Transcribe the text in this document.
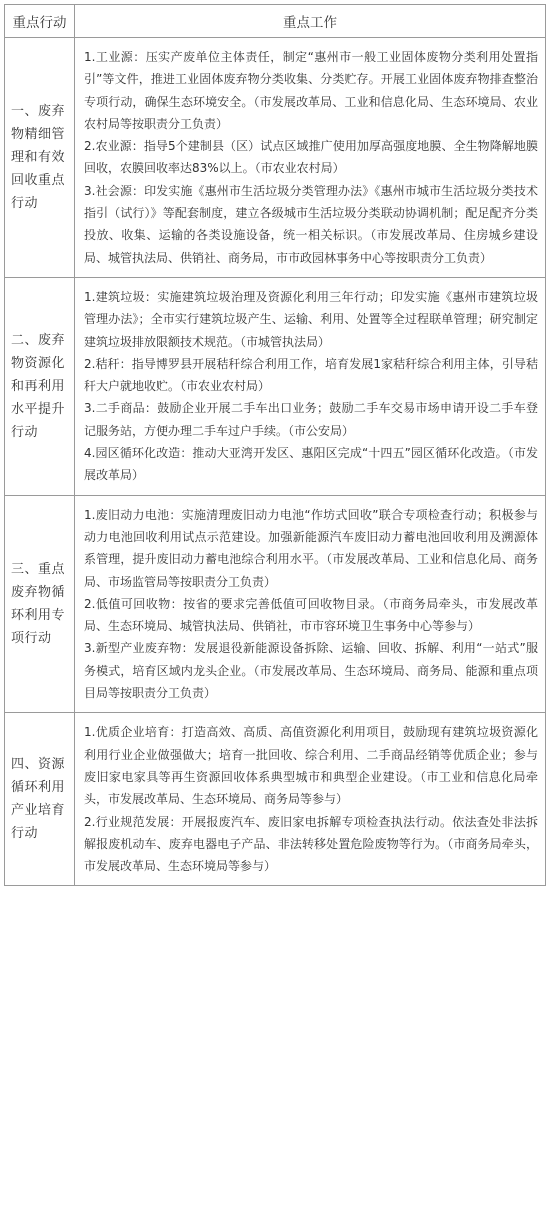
重点行动	重点工作
一、废弃物精细管理和有效回收重点行动	1.工业源：压实产废单位主体责任，制定“惠州市一般工业固体废物分类利用处置指引”等文件，推进工业固体废弃物分类收集、分类贮存。开展工业固体废弃物排查整治专项行动，确保生态环境安全。（市发展改革局、工业和信息化局、生态环境局、农业农村局等按职责分工负责）

2.农业源：指导5个建制县（区）试点区域推广使用加厚高强度地膜、全生物降解地膜回收，农膜回收率达83%以上。（市农业农村局）

3.社会源：印发实施《惠州市生活垃圾分类管理办法》《惠州市城市生活垃圾分类技术指引（试行）》等配套制度，建立各级城市生活垃圾分类联动协调机制；配足配齐分类投放、收集、运输的各类设施设备，统一相关标识。（市发展改革局、住房城乡建设局、城管执法局、供销社、商务局，市市政园林事务中心等按职责分工负责）

二、废弃物资源化和再利用水平提升行动	1.建筑垃圾：实施建筑垃圾治理及资源化利用三年行动；印发实施《惠州市建筑垃圾管理办法》；全市实行建筑垃圾产生、运输、利用、处置等全过程联单管理；研究制定建筑垃圾排放限额技术规范。（市城管执法局）

2.秸秆：指导博罗县开展秸秆综合利用工作，培育发展1家秸秆综合利用主体，引导秸秆大户就地收贮。（市农业农村局）

3.二手商品：鼓励企业开展二手车出口业务；鼓励二手车交易市场申请开设二手车登记服务站，方便办理二手车过户手续。（市公安局）

4.园区循环化改造：推动大亚湾开发区、惠阳区完成“十四五”园区循环化改造。（市发展改革局）

三、重点废弃物循环利用专项行动	1.废旧动力电池：实施清理废旧动力电池“作坊式回收”联合专项检查行动；积极参与动力电池回收利用试点示范建设。加强新能源汽车废旧动力蓄电池回收利用及溯源体系管理，提升废旧动力蓄电池综合利用水平。（市发展改革局、工业和信息化局、商务局、市场监管局等按职责分工负责）

2.低值可回收物：按省的要求完善低值可回收物目录。（市商务局牵头，市发展改革局、生态环境局、城管执法局、供销社，市市容环境卫生事务中心等参与）

3.新型产业废弃物：发展退役新能源设备拆除、运输、回收、拆解、利用“一站式”服务模式，培育区域内龙头企业。（市发展改革局、生态环境局、商务局、能源和重点项目局等按职责分工负责）

四、资源循环利用产业培育行动	1.优质企业培育：打造高效、高质、高值资源化利用项目，鼓励现有建筑垃圾资源化利用行业企业做强做大；培育一批回收、综合利用、二手商品经销等优质企业；参与废旧家电家具等再生资源回收体系典型城市和典型企业建设。（市工业和信息化局牵头，市发展改革局、生态环境局、商务局等参与）

2.行业规范发展：开展报废汽车、废旧家电拆解专项检查执法行动。依法查处非法拆解报废机动车、废弃电器电子产品、非法转移处置危险废物等行为。（市商务局牵头，市发展改革局、生态环境局等参与）
